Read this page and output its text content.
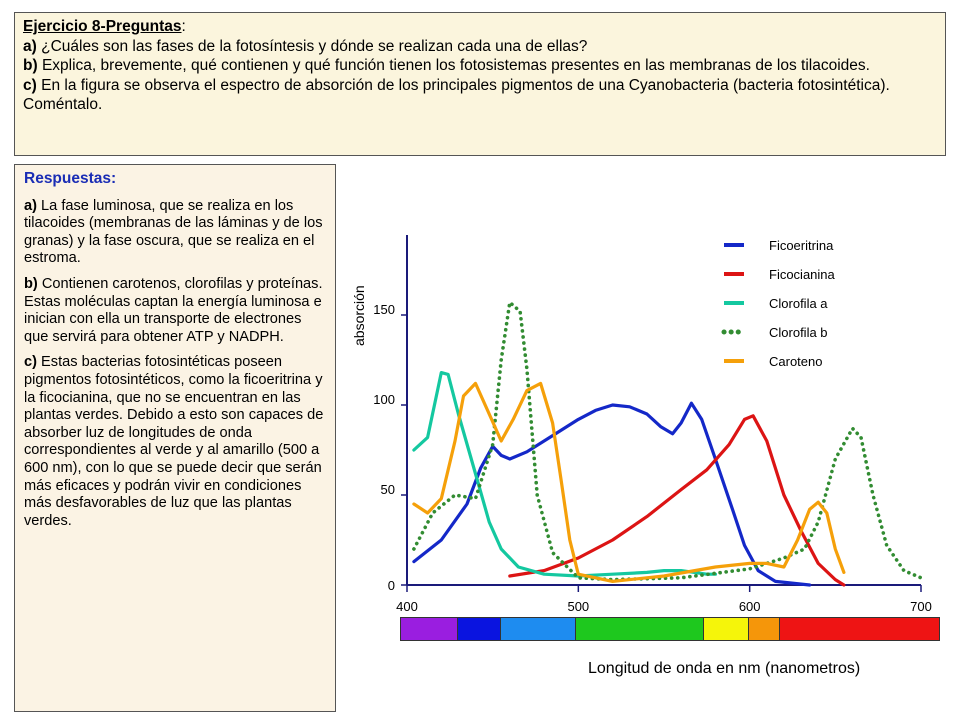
Ejercicio 8-Preguntas:

a) ¿Cuáles son las fases de la fotosíntesis y dónde se realizan cada una de ellas?

b) Explica, brevemente, qué contienen y qué función tienen los fotosistemas presentes en las membranas de los tilacoides.

c) En la figura se observa el espectro de absorción de los principales pigmentos de una Cyanobacteria (bacteria fotosintética). Coméntalo.

Respuestas:

a) La fase luminosa, que se realiza en los tilacoides (membranas de las láminas y de los granas) y la fase oscura, que se realiza en el estroma.

b) Contienen carotenos, clorofilas y proteínas. Estas moléculas captan la energía luminosa e inician con ella un transporte de electrones que servirá para obtener ATP y NADPH.

c) Estas bacterias fotosintéticas poseen pigmentos fotosintéticos, como la ficoeritrina y la ficocianina, que no se encuentran en las plantas verdes. Debido a esto son capaces de absorber luz de longitudes de onda correspondientes al verde y al amarillo (500 a 600 nm), con lo que se puede decir que serán más eficaces y podrán vivir en condiciones más desfavorables de luz que las plantas verdes.

400	500	600	700
0
50
100
150
absorción
Ficoeritrina
Ficocianina
Clorofila a
Clorofila b
Caroteno
Longitud de onda en nm (nanometros)
